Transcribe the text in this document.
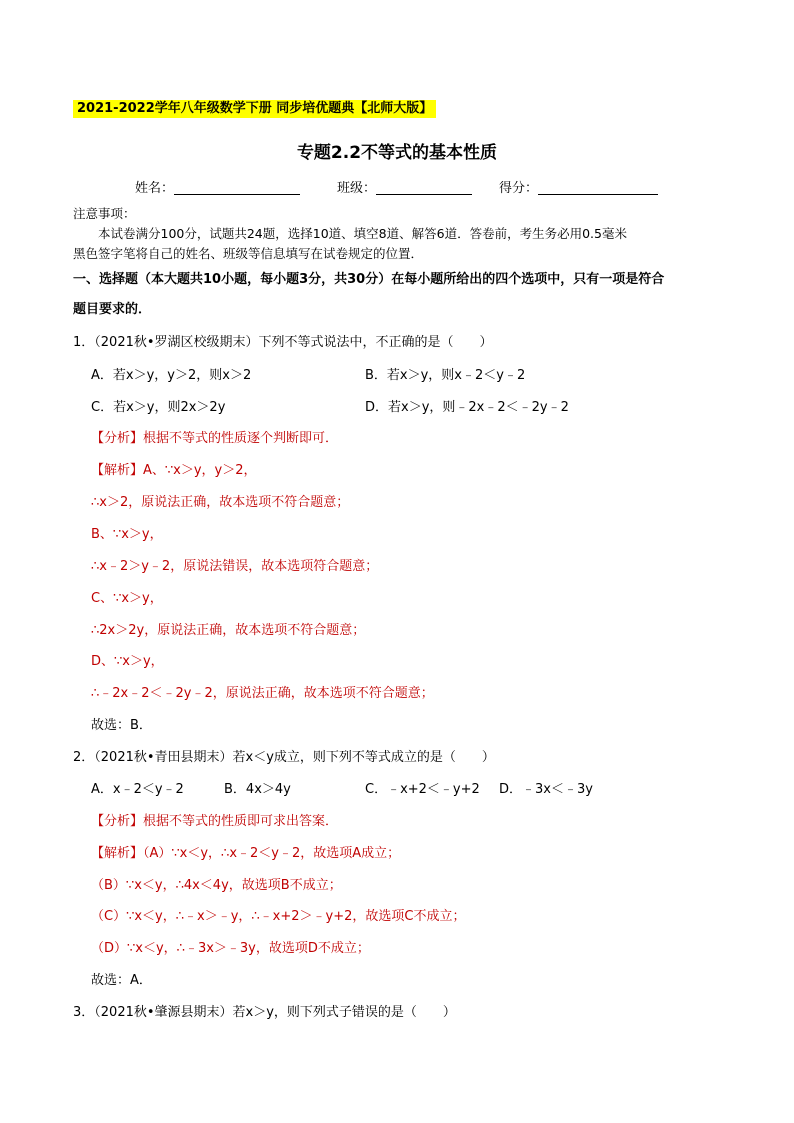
2021-2022学年八年级数学下册 同步培优题典【北师大版】
专题2.2不等式的基本性质
姓名：	班级：	得分：
注意事项：
本试卷满分100分，试题共24题，选择10道、填空8道、解答6道．答卷前，考生务必用0.5毫米
黑色签字笔将自己的姓名、班级等信息填写在试卷规定的位置．
一、选择题（本大题共10小题，每小题3分，共30分）在每小题所给出的四个选项中，只有一项是符合
题目要求的．
1．（2021秋•罗湖区校级期末）下列不等式说法中，不正确的是（　　）
A．若x＞y，y＞2，则x＞2	B．若x＞y，则x﹣2＜y﹣2
C．若x＞y，则2x＞2y	D．若x＞y，则﹣2x﹣2＜﹣2y﹣2
【分析】根据不等式的性质逐个判断即可．
【解析】A、∵x＞y，y＞2，
∴x＞2，原说法正确，故本选项不符合题意；
B、∵x＞y，
∴x﹣2＞y﹣2，原说法错误，故本选项符合题意；
C、∵x＞y，
∴2x＞2y，原说法正确，故本选项不符合题意；
D、∵x＞y，
∴﹣2x﹣2＜﹣2y﹣2，原说法正确，故本选项不符合题意；
故选：B．
2．（2021秋•青田县期末）若x＜y成立，则下列不等式成立的是（　　）
A．x﹣2＜y﹣2	B．4x＞4y	C．﹣x+2＜﹣y+2 D．﹣3x＜﹣3y
【分析】根据不等式的性质即可求出答案．
【解析】（A）∵x＜y，∴x﹣2＜y﹣2，故选项A成立；
（B）∵x＜y，∴4x＜4y，故选项B不成立；
（C）∵x＜y，∴﹣x＞﹣y，∴﹣x+2＞﹣y+2，故选项C不成立；
（D）∵x＜y，∴﹣3x＞﹣3y，故选项D不成立；
故选：A．
3．（2021秋•肇源县期末）若x＞y，则下列式子错误的是（　　）
